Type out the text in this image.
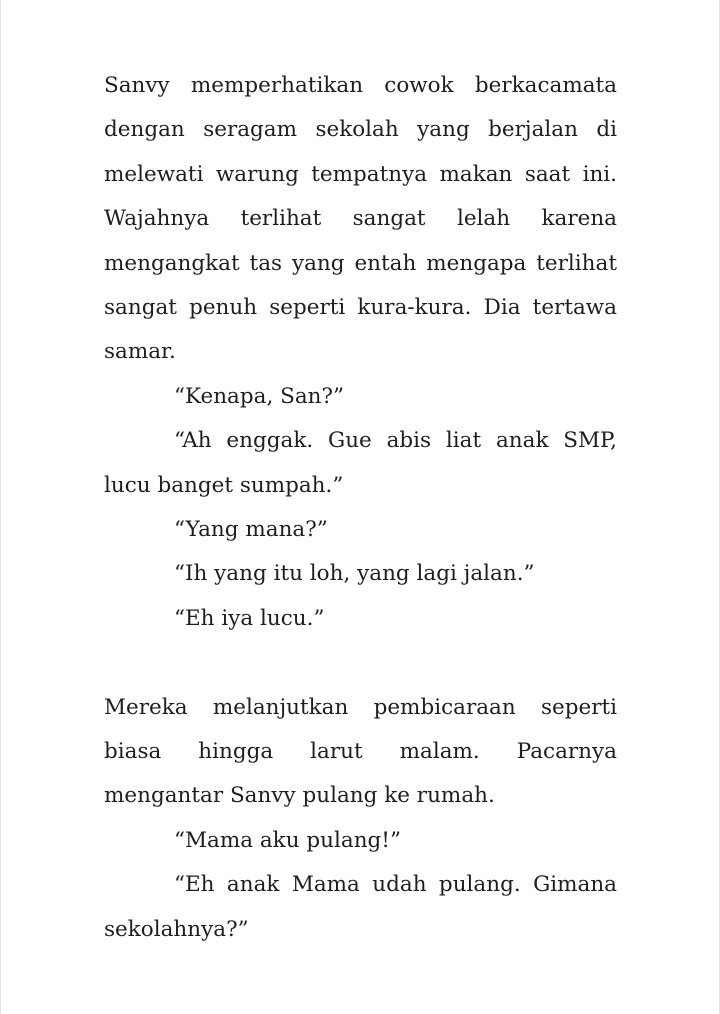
Sanvy memperhatikan cowok berkacamata dengan seragam sekolah yang berjalan di melewati warung tempatnya makan saat ini. Wajahnya terlihat sangat lelah karena mengangkat tas yang entah mengapa terlihat sangat penuh seperti kura-kura. Dia tertawa samar.

“Kenapa, San?”

“Ah enggak. Gue abis liat anak SMP, lucu banget sumpah.”

“Yang mana?”

“Ih yang itu loh, yang lagi jalan.”

“Eh iya lucu.”

Mereka melanjutkan pembicaraan seperti biasa hingga larut malam. Pacarnya mengantar Sanvy pulang ke rumah.

“Mama aku pulang!”

“Eh anak Mama udah pulang. Gimana sekolahnya?”
